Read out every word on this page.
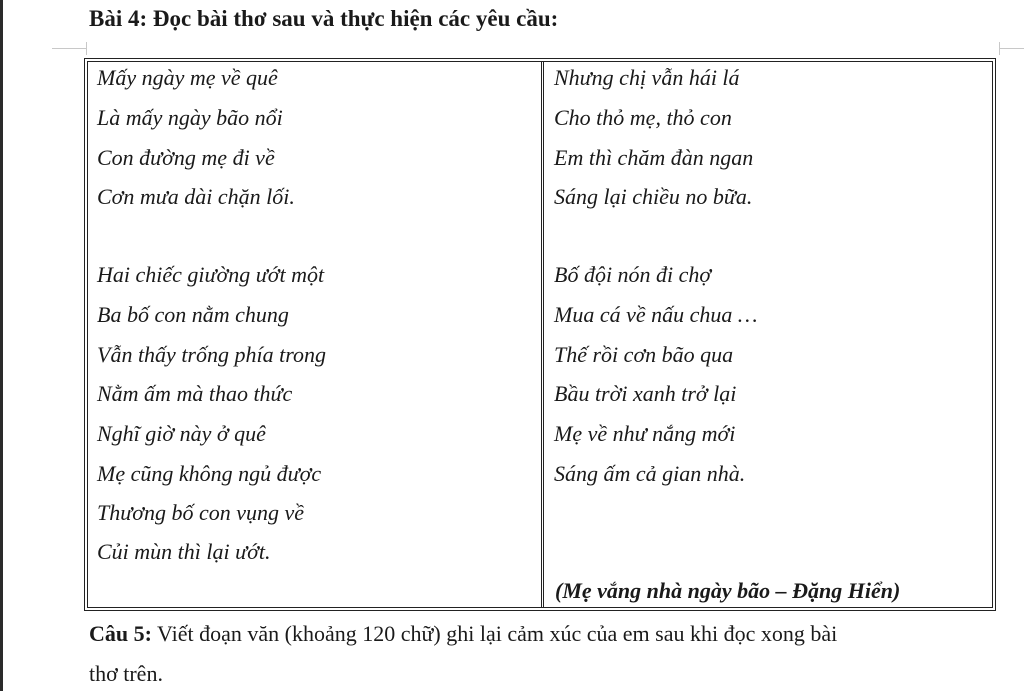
Bài 4: Đọc bài thơ sau và thực hiện các yêu cầu:
Mấy ngày mẹ về quê
Là mấy ngày bão nổi
Con đường mẹ đi về
Cơn mưa dài chặn lối.
Hai chiếc giường ướt một
Ba bố con nằm chung
Vẫn thấy trống phía trong
Nằm ấm mà thao thức
Nghĩ giờ này ở quê
Mẹ cũng không ngủ được
Thương bố con vụng về
Củi mùn thì lại ướt.
Nhưng chị vẫn hái lá
Cho thỏ mẹ, thỏ con
Em thì chăm đàn ngan
Sáng lại chiều no bữa.
Bố đội nón đi chợ
Mua cá về nấu chua …
Thế rồi cơn bão qua
Bầu trời xanh trở lại
Mẹ về như nắng mới
Sáng ấm cả gian nhà.
(Mẹ vắng nhà ngày bão – Đặng Hiển)
Câu 5: Viết đoạn văn (khoảng 120 chữ) ghi lại cảm xúc của em sau khi đọc xong bài
thơ trên.
